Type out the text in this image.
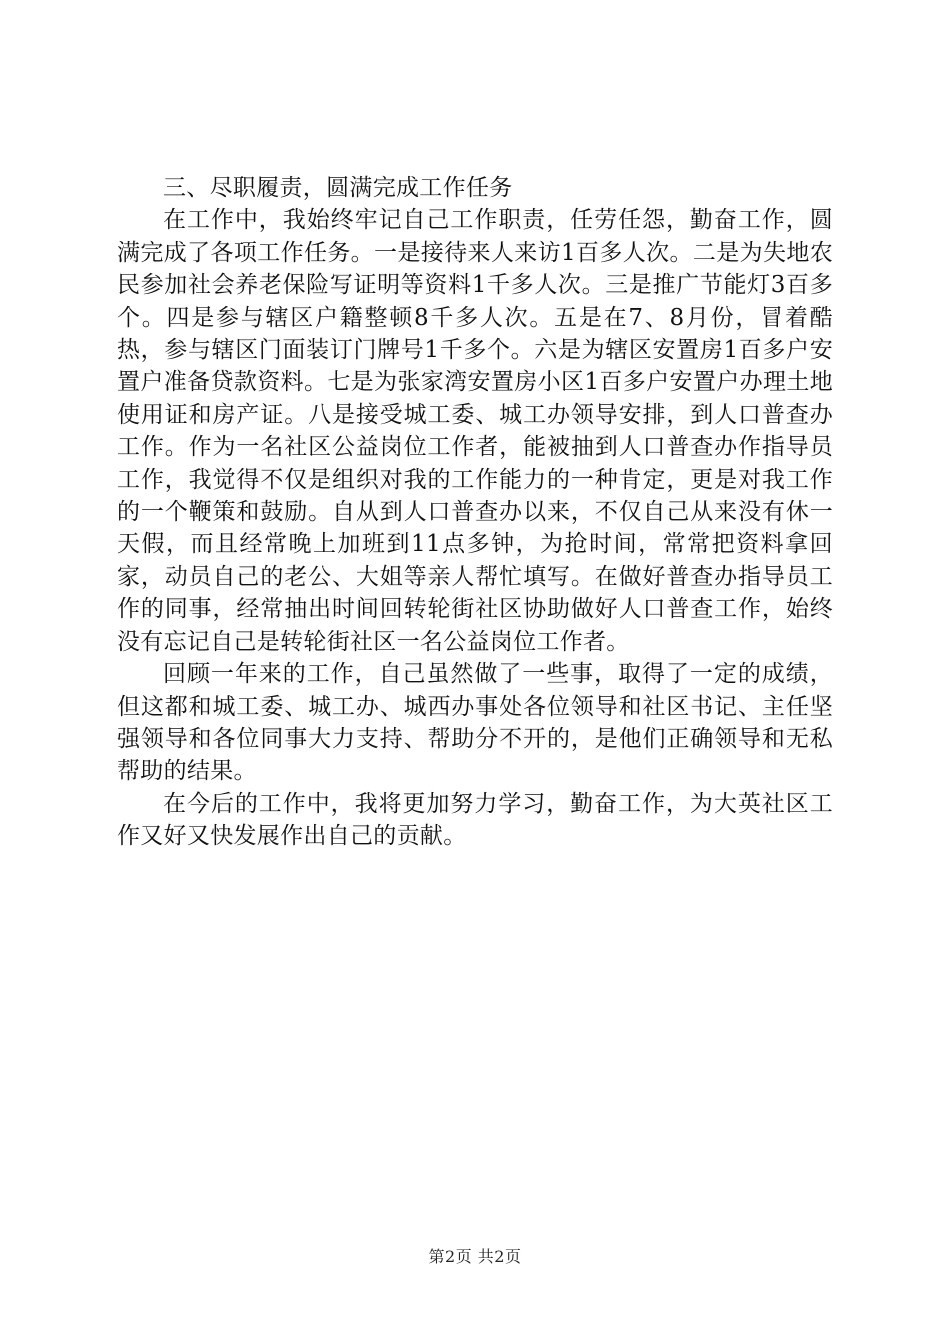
三、尽职履责，圆满完成工作任务

在工作中，我始终牢记自己工作职责，任劳任怨，勤奋工作，圆满完成了各项工作任务。一是接待来人来访1百多人次。二是为失地农民参加社会养老保险写证明等资料1千多人次。三是推广节能灯3百多个。四是参与辖区户籍整顿8千多人次。五是在7、8月份，冒着酷热，参与辖区门面装订门牌号1千多个。六是为辖区安置房1百多户安置户准备贷款资料。七是为张家湾安置房小区1百多户安置户办理土地使用证和房产证。八是接受城工委、城工办领导安排，到人口普查办工作。作为一名社区公益岗位工作者，能被抽到人口普查办作指导员工作，我觉得不仅是组织对我的工作能力的一种肯定，更是对我工作的一个鞭策和鼓励。自从到人口普查办以来，不仅自己从来没有休一天假，而且经常晚上加班到11点多钟，为抢时间，常常把资料拿回家，动员自己的老公、大姐等亲人帮忙填写。在做好普查办指导员工作的同事，经常抽出时间回转轮街社区协助做好人口普查工作，始终没有忘记自己是转轮街社区一名公益岗位工作者。

回顾一年来的工作，自己虽然做了一些事，取得了一定的成绩，但这都和城工委、城工办、城西办事处各位领导和社区书记、主任坚强领导和各位同事大力支持、帮助分不开的，是他们正确领导和无私帮助的结果。

在今后的工作中，我将更加努力学习，勤奋工作，为大英社区工作又好又快发展作出自己的贡献。

第2页 共2页
